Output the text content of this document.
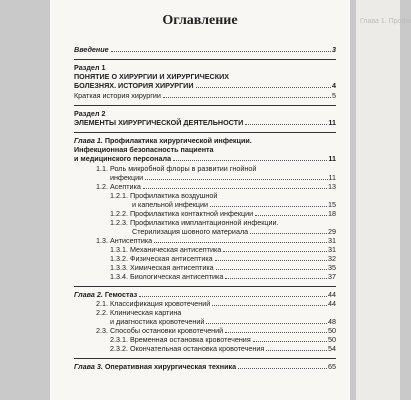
Глава 1. Профи
Оглавление
Введение	3
Раздел 1
ПОНЯТИЕ О ХИРУРГИИ И ХИРУРГИЧЕСКИХ
БОЛЕЗНЯХ. ИСТОРИЯ ХИРУРГИИ	4
Краткая история хирургии	5
Раздел 2
ЭЛЕМЕНТЫ ХИРУРГИЧЕСКОЙ ДЕЯТЕЛЬНОСТИ	11
Глава 1. Профилактика хирургической инфекции.
Инфекционная безопасность пациента
и медицинского персонала	11
1.1. Роль микробной флоры в развитии гнойной
инфекции	11
1.2. Асептика	13
1.2.1. Профилактика воздушной
и капельной инфекции	15
1.2.2. Профилактика контактной инфекции	18
1.2.3. Профилактика имплантационной инфекции.
Стерилизация шовного материала	29
1.3. Антисептика	31
1.3.1. Механическая антисептика	31
1.3.2. Физическая антисептика	32
1.3.3. Химическая антисептика	35
1.3.4. Биологическая антисептика	37
Глава 2. Гемостаз	44
2.1. Классификация кровотечений	44
2.2. Клиническая картина
и диагностика кровотечений	48
2.3. Способы остановки кровотечений	50
2.3.1. Временная остановка кровотечения	50
2.3.2. Окончательная остановка кровотечения	54
Глава 3. Оперативная хирургическая техника	65
